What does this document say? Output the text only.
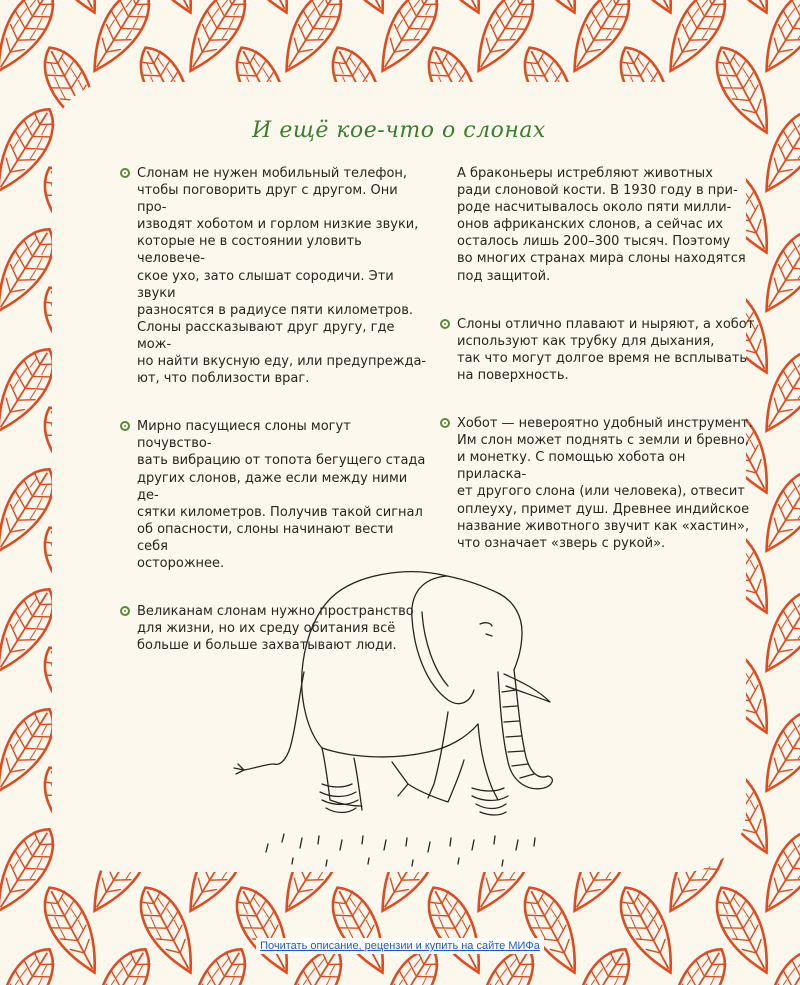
И ещё кое-что о слонах

Слонам не нужен мобильный телефон,
чтобы поговорить друг с другом. Они про-
изводят хоботом и горлом низкие звуки,
которые не в состоянии уловить человече-
ское ухо, зато слышат сородичи. Эти звуки
разносятся в радиусе пяти километров.
Слоны рассказывают друг другу, где мож-
но найти вкусную еду, или предупрежда-
ют, что поблизости враг.

Мирно пасущиеся слоны могут почувство-
вать вибрацию от топота бегущего стада
других слонов, даже если между ними де-
сятки километров. Получив такой сигнал
об опасности, слоны начинают вести себя
осторожнее.

Великанам слонам нужно пространство
для жизни, но их среду обитания всё
больше и больше захватывают люди.

А браконьеры истребляют животных
ради слоновой кости. В 1930 году в при-
роде насчитывалось около пяти милли-
онов африканских слонов, а сейчас их
осталось лишь 200–300 тысяч. Поэтому
во многих странах мира слоны находятся
под защитой.

Слоны отлично плавают и ныряют, а хобот
используют как трубку для дыхания,
так что могут долгое время не всплывать
на поверхность.

Хобот — невероятно удобный инструмент.
Им слон может поднять с земли и бревно,
и монетку. С помощью хобота он приласка-
ет другого слона (или человека), отвесит
оплеуху, примет душ. Древнее индийское
название животного звучит как «хастин»,
что означает «зверь с рукой».

Почитать описание, рецензии и купить на сайте МИФа
